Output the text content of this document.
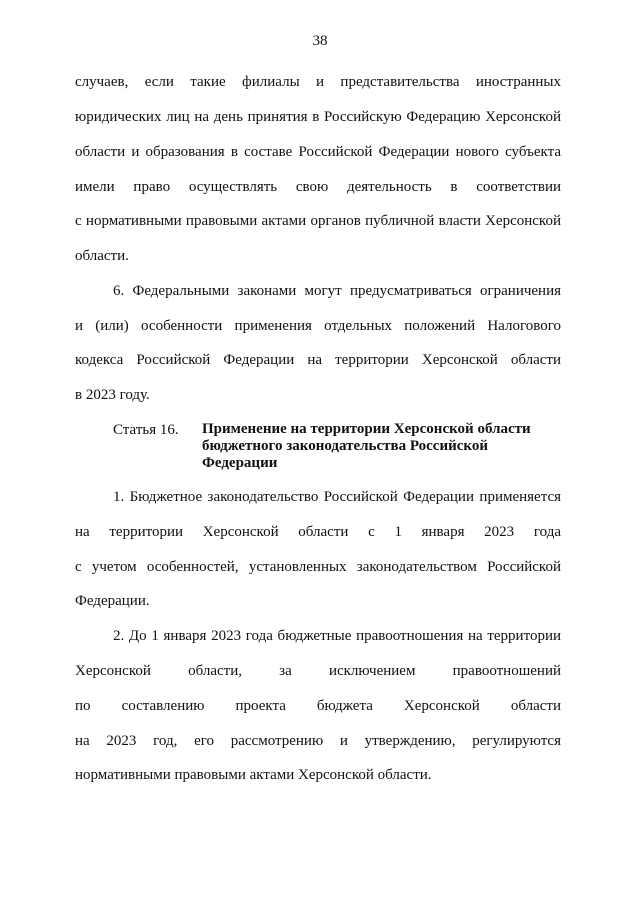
38
случаев, если такие филиалы и представительства иностранных
юридических лиц на день принятия в Российскую Федерацию Херсонской
области и образования в составе Российской Федерации нового субъекта
имели право осуществлять свою деятельность в соответствии
с нормативными правовыми актами органов публичной власти Херсонской
области.
6. Федеральными законами могут предусматриваться ограничения
и (или) особенности применения отдельных положений Налогового
кодекса Российской Федерации на территории Херсонской области
в 2023 году.
Статья 16. Применение на территории Херсонской области
бюджетного законодательства Российской
Федерации
1. Бюджетное законодательство Российской Федерации применяется
на территории Херсонской области с 1 января 2023 года
с учетом особенностей, установленных законодательством Российской
Федерации.
2. До 1 января 2023 года бюджетные правоотношения на территории
Херсонской области, за исключением правоотношений
по составлению проекта бюджета Херсонской области
на 2023 год, его рассмотрению и утверждению, регулируются
нормативными правовыми актами Херсонской области.
